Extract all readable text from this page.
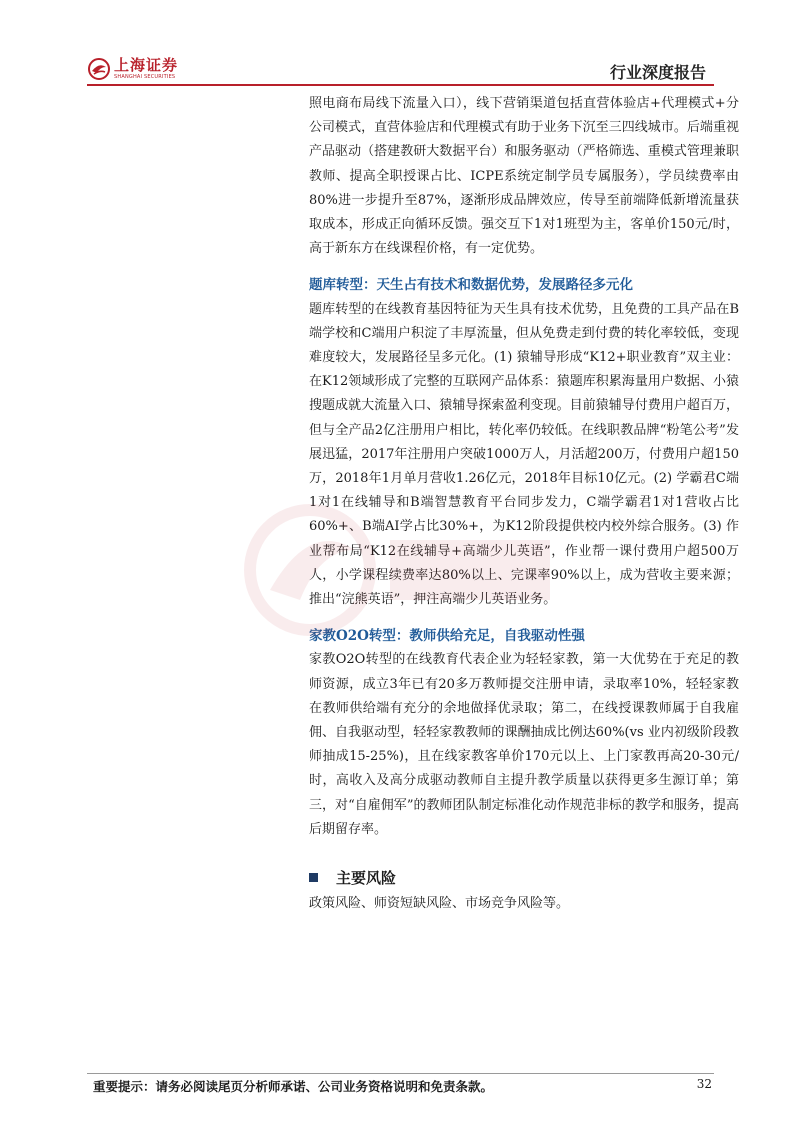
上海证券
SHANGHAI SECURITIES	行业深度报告

照电商布局线下流量入口），线下营销渠道包括直营体验店+代理模式+分公司模式，直营体验店和代理模式有助于业务下沉至三四线城市。后端重视产品驱动（搭建教研大数据平台）和服务驱动（严格筛选、重模式管理兼职教师、提高全职授课占比、ICPE系统定制学员专属服务），学员续费率由80%进一步提升至87%，逐渐形成品牌效应，传导至前端降低新增流量获取成本，形成正向循环反馈。强交互下1对1班型为主，客单价150元/时，高于新东方在线课程价格，有一定优势。

题库转型：天生占有技术和数据优势，发展路径多元化

题库转型的在线教育基因特征为天生具有技术优势，且免费的工具产品在B端学校和C端用户积淀了丰厚流量，但从免费走到付费的转化率较低，变现难度较大，发展路径呈多元化。(1) 猿辅导形成“K12+职业教育”双主业：在K12领域形成了完整的互联网产品体系：猿题库积累海量用户数据、小猿搜题成就大流量入口、猿辅导探索盈利变现。目前猿辅导付费用户超百万，但与全产品2亿注册用户相比，转化率仍较低。在线职教品牌“粉笔公考”发展迅猛，2017年注册用户突破1000万人，月活超200万，付费用户超150万，2018年1月单月营收1.26亿元，2018年目标10亿元。(2) 学霸君C端1对1在线辅导和B端智慧教育平台同步发力，C端学霸君1对1营收占比60%+、B端AI学占比30%+，为K12阶段提供校内校外综合服务。(3) 作业帮布局“K12在线辅导+高端少儿英语”，作业帮一课付费用户超500万人，小学课程续费率达80%以上、完课率90%以上，成为营收主要来源；推出“浣熊英语”，押注高端少儿英语业务。

家教O2O转型：教师供给充足，自我驱动性强

家教O2O转型的在线教育代表企业为轻轻家教，第一大优势在于充足的教师资源，成立3年已有20多万教师提交注册申请，录取率10%，轻轻家教在教师供给端有充分的余地做择优录取；第二，在线授课教师属于自我雇佣、自我驱动型，轻轻家教教师的课酬抽成比例达60%(vs 业内初级阶段教师抽成15-25%)，且在线家教客单价170元以上、上门家教再高20-30元/时，高收入及高分成驱动教师自主提升教学质量以获得更多生源订单；第三，对“自雇佣军”的教师团队制定标准化动作规范非标的教学和服务，提高后期留存率。

主要风险

政策风险、师资短缺风险、市场竞争风险等。

重要提示：请务必阅读尾页分析师承诺、公司业务资格说明和免责条款。	32
